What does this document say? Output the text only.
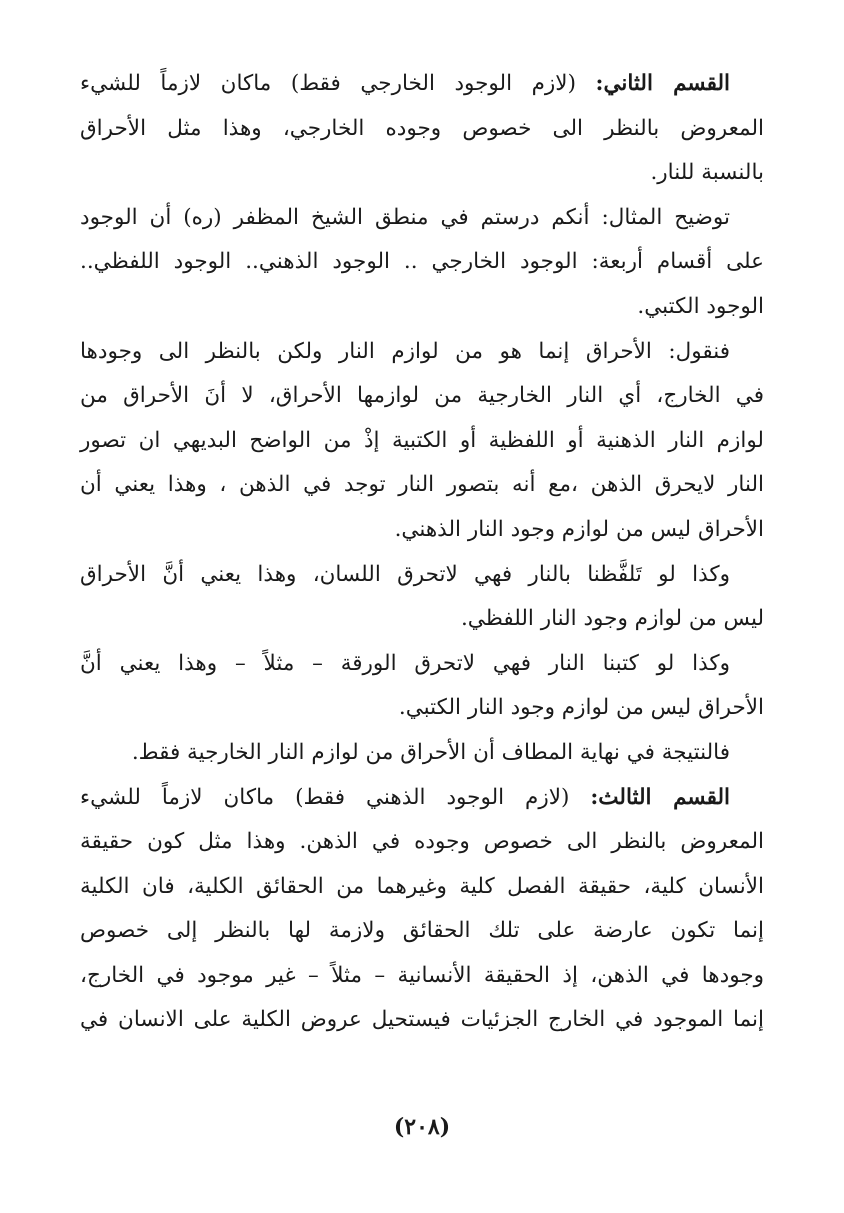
القسم الثاني: (لازم الوجود الخارجي فقط) ماكان لازماً للشيء
المعروض بالنظر الى خصوص وجوده الخارجي، وهذا مثل الأحراق
بالنسبة للنار.
توضيح المثال: أنكم درستم في منطق الشيخ المظفر (ره) أن الوجود
على أقسام أربعة: الوجود الخارجي .. الوجود الذهني.. الوجود اللفظي..
الوجود الكتبي.
فنقول: الأحراق إنما هو من لوازم النار ولكن بالنظر الى وجودها
في الخارج، أي النار الخارجية من لوازمها الأحراق، لا أنَ الأحراق من
لوازم النار الذهنية أو اللفظية أو الكتبية إذْ من الواضح البديهي ان تصور
النار لايحرق الذهن ،مع أنه بتصور النار توجد في الذهن ، وهذا يعني أن
الأحراق ليس من لوازم وجود النار الذهني.
وكذا لو تَلفَّظنا بالنار فهي لاتحرق اللسان، وهذا يعني أنَّ الأحراق
ليس من لوازم وجود النار اللفظي.
وكذا لو كتبنا النار فهي لاتحرق الورقة – مثلاً – وهذا يعني أنَّ
الأحراق ليس من لوازم وجود النار الكتبي.
فالنتيجة في نهاية المطاف أن الأحراق من لوازم النار الخارجية فقط.
القسم الثالث: (لازم الوجود الذهني فقط) ماكان لازماً للشيء
المعروض بالنظر الى خصوص وجوده في الذهن. وهذا مثل كون حقيقة
الأنسان كلية، حقيقة الفصل كلية وغيرهما من الحقائق الكلية، فان الكلية
إنما تكون عارضة على تلك الحقائق ولازمة لها بالنظر إلى خصوص
وجودها في الذهن، إذ الحقيقة الأنسانية – مثلاً – غير موجود في الخارج،
إنما الموجود في الخارج الجزئيات فيستحيل عروض الكلية على الانسان في
(٢٠٨)
